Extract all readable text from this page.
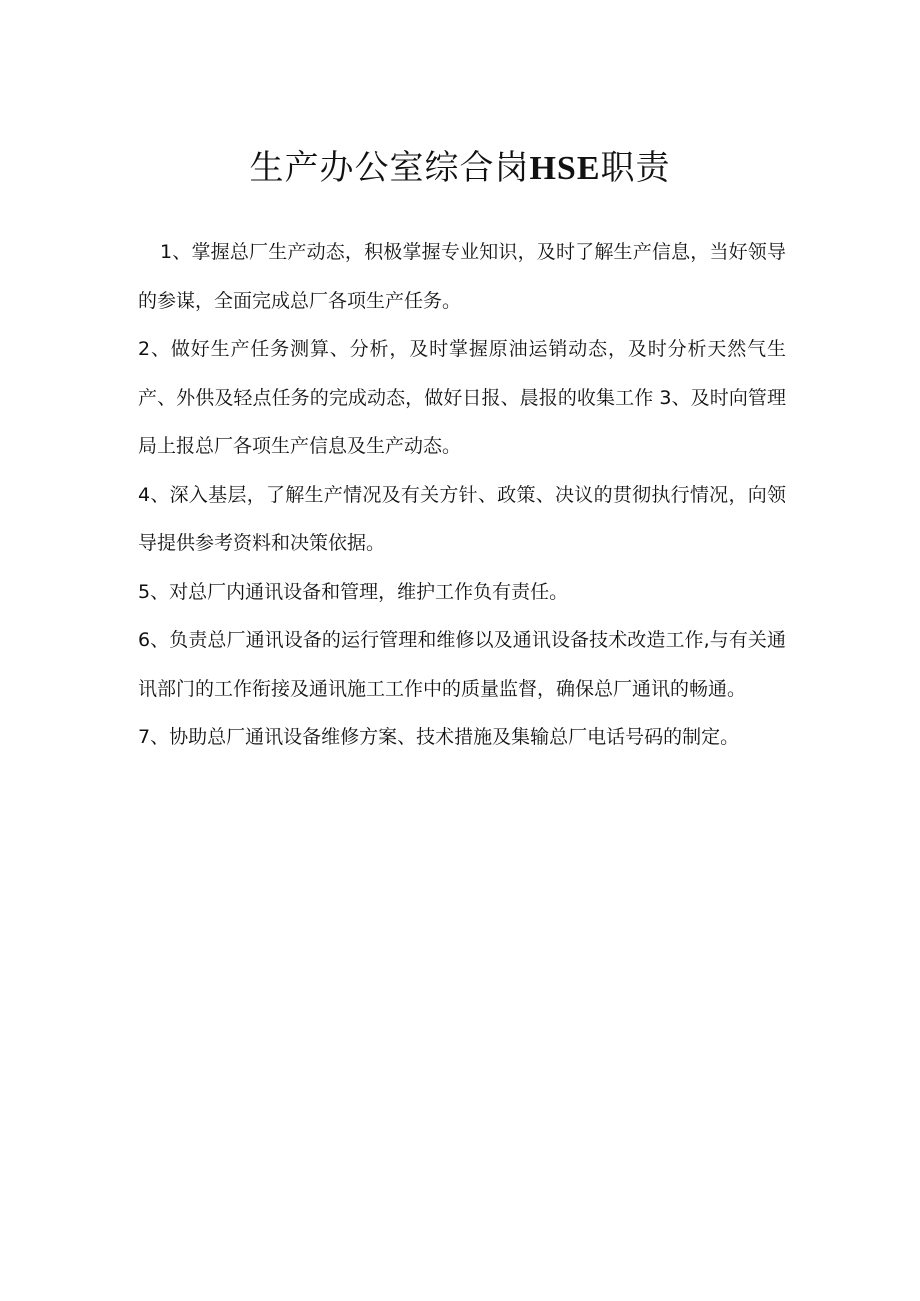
生产办公室综合岗HSE职责

1、掌握总厂生产动态，积极掌握专业知识，及时了解生产信息，当好领导的参谋，全面完成总厂各项生产任务。

2、做好生产任务测算、分析，及时掌握原油运销动态，及时分析天然气生产、外供及轻点任务的完成动态，做好日报、晨报的收集工作 3、及时向管理局上报总厂各项生产信息及生产动态。

4、深入基层，了解生产情况及有关方针、政策、决议的贯彻执行情况，向领导提供参考资料和决策依据。

5、对总厂内通讯设备和管理，维护工作负有责任。

6、负责总厂通讯设备的运行管理和维修以及通讯设备技术改造工作,与有关通讯部门的工作衔接及通讯施工工作中的质量监督，确保总厂通讯的畅通。

7、协助总厂通讯设备维修方案、技术措施及集输总厂电话号码的制定。
